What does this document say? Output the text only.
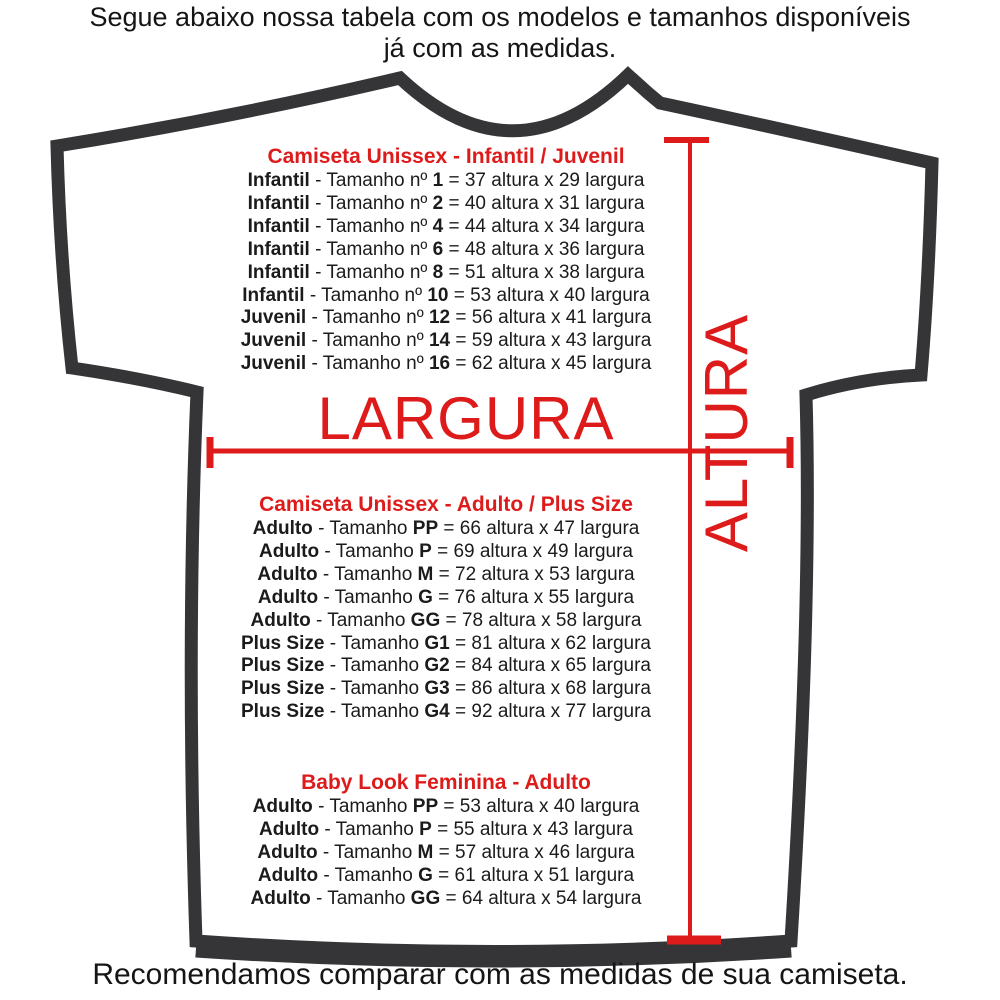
Segue abaixo nossa tabela com os modelos e tamanhos disponíveis
já com as medidas.
Camiseta Unissex - Infantil / Juvenil
Infantil - Tamanho nº 1 = 37 altura x 29 largura
Infantil - Tamanho nº 2 = 40 altura x 31 largura
Infantil - Tamanho nº 4 = 44 altura x 34 largura
Infantil - Tamanho nº 6 = 48 altura x 36 largura
Infantil - Tamanho nº 8 = 51 altura x 38 largura
Infantil - Tamanho nº 10 = 53 altura x 40 largura
Juvenil - Tamanho nº 12 = 56 altura x 41 largura
Juvenil - Tamanho nº 14 = 59 altura x 43 largura
Juvenil - Tamanho nº 16 = 62 altura x 45 largura
Camiseta Unissex - Adulto / Plus Size
Adulto - Tamanho PP = 66 altura x 47 largura
Adulto - Tamanho P = 69 altura x 49 largura
Adulto - Tamanho M = 72 altura x 53 largura
Adulto - Tamanho G = 76 altura x 55 largura
Adulto - Tamanho GG = 78 altura x 58 largura
Plus Size - Tamanho G1 = 81 altura x 62 largura
Plus Size - Tamanho G2 = 84 altura x 65 largura
Plus Size - Tamanho G3 = 86 altura x 68 largura
Plus Size - Tamanho G4 = 92 altura x 77 largura
Baby Look Feminina - Adulto
Adulto - Tamanho PP = 53 altura x 40 largura
Adulto - Tamanho P = 55 altura x 43 largura
Adulto - Tamanho M = 57 altura x 46 largura
Adulto - Tamanho G = 61 altura x 51 largura
Adulto - Tamanho GG = 64 altura x 54 largura
LARGURA	ALTURA
Recomendamos comparar com as medidas de sua camiseta.
